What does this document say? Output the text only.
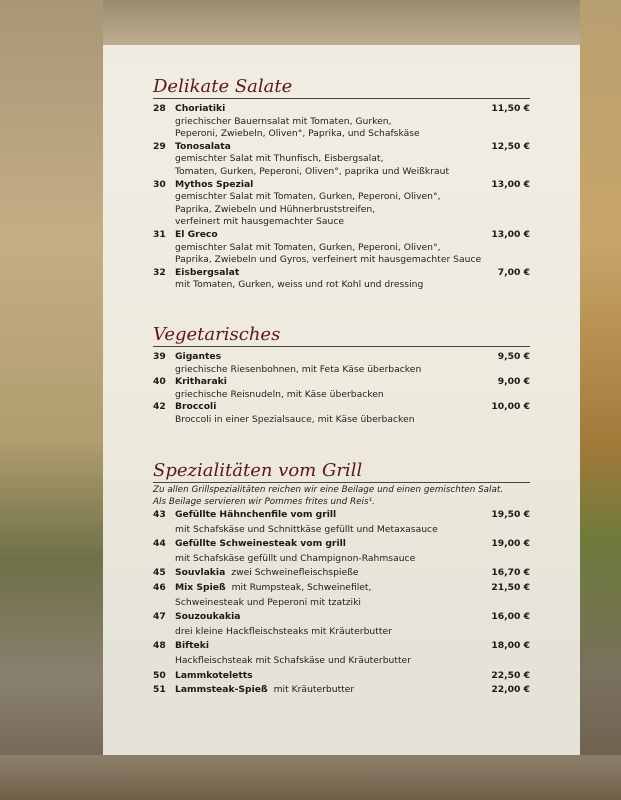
Delikate Salate
28	Choriatiki	11,50 €
griechischer Bauernsalat mit Tomaten, Gurken,
Peperoni, Zwiebeln, Oliven°, Paprika, und Schafskäse
29	Tonosalata	12,50 €
gemischter Salat mit Thunfisch, Eisbergsalat,
Tomaten, Gurken, Peperoni, Oliven°, paprika und Weißkraut
30	Mythos Spezial	13,00 €
gemischter Salat mit Tomaten, Gurken, Peperoni, Oliven°,
Paprika, Zwiebeln und Hühnerbruststreifen,
verfeinert mit hausgemachter Sauce
31	El Greco	13,00 €
gemischter Salat mit Tomaten, Gurken, Peperoni, Oliven°,
Paprika, Zwiebeln und Gyros, verfeinert mit hausgemachter Sauce
32	Eisbergsalat	7,00 €
mit Tomaten, Gurken, weiss und rot Kohl und dressing
Vegetarisches
39	Gigantes	9,50 €
griechische Riesenbohnen, mit Feta Käse überbacken
40	Kritharaki	9,00 €
griechische Reisnudeln, mit Käse überbacken
42	Broccoli	10,00 €
Broccoli in einer Spezialsauce, mit Käse überbacken
Spezialitäten vom Grill
Zu allen Grillspezialitäten reichen wir eine Beilage und einen gemischten Salat.
Als Beilage servieren wir Pommes frites und Reis¹.
43	Gefüllte Hähnchenfile vom grill	19,50 €
mit Schafskäse und Schnittkäse gefüllt und Metaxasauce
44	Gefüllte Schweinesteak vom grill	19,00 €
mit Schafskäse gefüllt und Champignon-Rahmsauce
45	Souvlakia zwei Schweinefleischspieße	16,70 €
46	Mix Spieß mit Rumpsteak, Schweinefilet,	21,50 €
Schweinesteak und Peperoni mit tzatziki
47	Souzoukakia	16,00 €
drei kleine Hackfleischsteaks mit Kräuterbutter
48	Bifteki	18,00 €
Hackfleischsteak mit Schafskäse und Kräuterbutter
50	Lammkoteletts	22,50 €
51	Lammsteak-Spieß mit Kräuterbutter	22,00 €
